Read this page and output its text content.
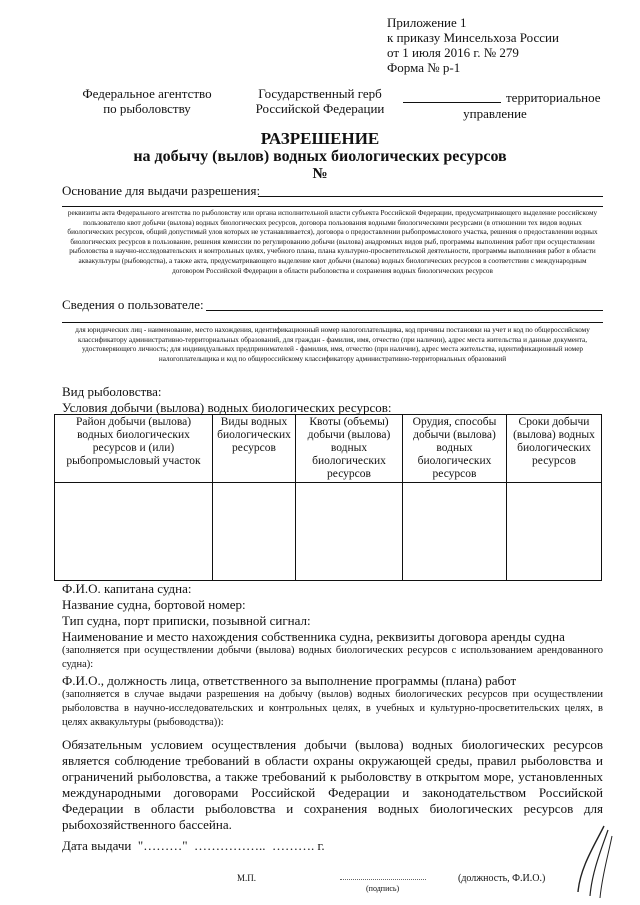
Приложение 1
к приказу Минсельхоза России
от 1 июля 2016 г. № 279
Форма № р-1
Федеральное агентство
по рыболовству
Государственный герб
Российской Федерации
территориальное
управление
РАЗРЕШЕНИЕ
на добычу (вылов) водных биологических ресурсов
№
Основание для выдачи разрешения:
реквизиты акта Федерального агентства по рыболовству или органа исполнительной власти субъекта Российской Федерации, предусматривающего выделение российскому пользователю квот добычи (вылова) водных биологических ресурсов, договора пользования водными биологическими ресурсами (в отношении тех видов водных биологических ресурсов, общий допустимый улов которых не устанавливается), договора о предоставлении рыбопромыслового участка, решения о предоставлении водных биологических ресурсов в пользование, решения комиссии по регулированию добычи (вылова) анадромных видов рыб, программы выполнения работ при осуществлении рыболовства в научно-исследовательских и контрольных целях, учебного плана, плана культурно-просветительской деятельности, программы выполнения работ в области аквакультуры (рыбоводства), а также акта, предусматривающего выделение квот добычи (вылова) водных биологических ресурсов в соответствии с международным договором Российской Федерации в области рыболовства и сохранения водных биологических ресурсов
Сведения о пользователе:
для юридических лиц - наименование, место нахождения, идентификационный номер налогоплательщика, код причины постановки на учет и код по общероссийскому классификатору административно-территориальных образований, для граждан - фамилия, имя, отчество (при наличии), адрес места жительства и данные документа, удостоверяющего личность; для индивидуальных предпринимателей - фамилия, имя, отчество (при наличии), адрес места жительства, идентификационный номер налогоплательщика и код по общероссийскому классификатору административно-территориальных образований
Вид рыболовства:
Условия добычи (вылова) водных биологических ресурсов:
Район добычи (вылова) водных биологических ресурсов и (или) рыбопромысловый участок	Виды водных биологических ресурсов	Квоты (объемы) добычи (вылова) водных биологических ресурсов	Орудия, способы добычи (вылова) водных биологических ресурсов	Сроки добычи (вылова) водных биологических ресурсов

Ф.И.О. капитана судна:
Название судна, бортовой номер:
Тип судна, порт приписки, позывной сигнал:
Наименование и место нахождения собственника судна, реквизиты договора аренды судна
(заполняется при осуществлении добычи (вылова) водных биологических ресурсов с использованием арендованного судна):
Ф.И.О., должность лица, ответственного за выполнение программы (плана) работ
(заполняется в случае выдачи разрешения на добычу (вылов) водных биологических ресурсов при осуществлении рыболовства в научно-исследовательских и контрольных целях, в учебных и культурно-просветительских целях, в целях аквакультуры (рыбоводства)):
Обязательным условием осуществления добычи (вылова) водных биологических ресурсов является соблюдение требований в области охраны окружающей среды, правил рыболовства и ограничений рыболовства, а также требований к рыболовству в открытом море, установленных международными договорами Российской Федерации и законодательством Российской Федерации в области рыболовства и сохранения водных биологических ресурсов для рыбохозяйственного бассейна.
Дата выдачи  "………"  ……………..  ………. г.
М.П.
(подпись)
(должность, Ф.И.О.)
